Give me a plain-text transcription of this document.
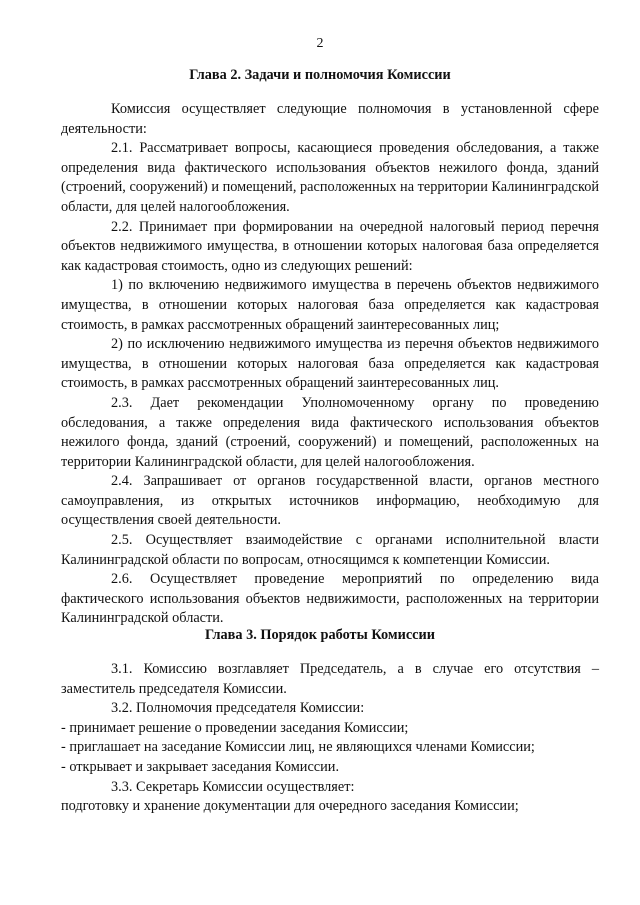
2
Глава 2. Задачи и полномочия Комиссии

Комиссия осуществляет следующие полномочия в установленной сфере деятельности:

2.1. Рассматривает вопросы, касающиеся проведения обследования, а также определения вида фактического использования объектов нежилого фонда, зданий (строений, сооружений) и помещений, расположенных на территории Калининградской области, для целей налогообложения.

2.2. Принимает при формировании на очередной налоговый период перечня объектов недвижимого имущества, в отношении которых налоговая база определяется как кадастровая стоимость, одно из следующих решений:

1) по включению недвижимого имущества в перечень объектов недвижимого имущества, в отношении которых налоговая база определяется как кадастровая стоимость, в рамках рассмотренных обращений заинтересованных лиц;

2) по исключению недвижимого имущества из перечня объектов недвижимого имущества, в отношении которых налоговая база определяется как кадастровая стоимость, в рамках рассмотренных обращений заинтересованных лиц.

2.3. Дает рекомендации Уполномоченному органу по проведению обследования, а также определения вида фактического использования объектов нежилого фонда, зданий (строений, сооружений) и помещений, расположенных на территории Калининградской области, для целей налогообложения.

2.4. Запрашивает от органов государственной власти, органов местного самоуправления, из открытых источников информацию, необходимую для осуществления своей деятельности.

2.5. Осуществляет взаимодействие с органами исполнительной власти Калининградской области по вопросам, относящимся к компетенции Комиссии.

2.6. Осуществляет проведение мероприятий по определению вида фактического использования объектов недвижимости, расположенных на территории Калининградской области.

Глава 3. Порядок работы Комиссии

3.1. Комиссию возглавляет Председатель, а в случае его отсутствия – заместитель председателя Комиссии.

3.2. Полномочия председателя Комиссии:

- принимает решение о проведении заседания Комиссии;

- приглашает на заседание Комиссии лиц, не являющихся членами Комиссии;

- открывает и закрывает заседания Комиссии.

3.3. Секретарь Комиссии осуществляет:

подготовку и хранение документации для очередного заседания Комиссии;
